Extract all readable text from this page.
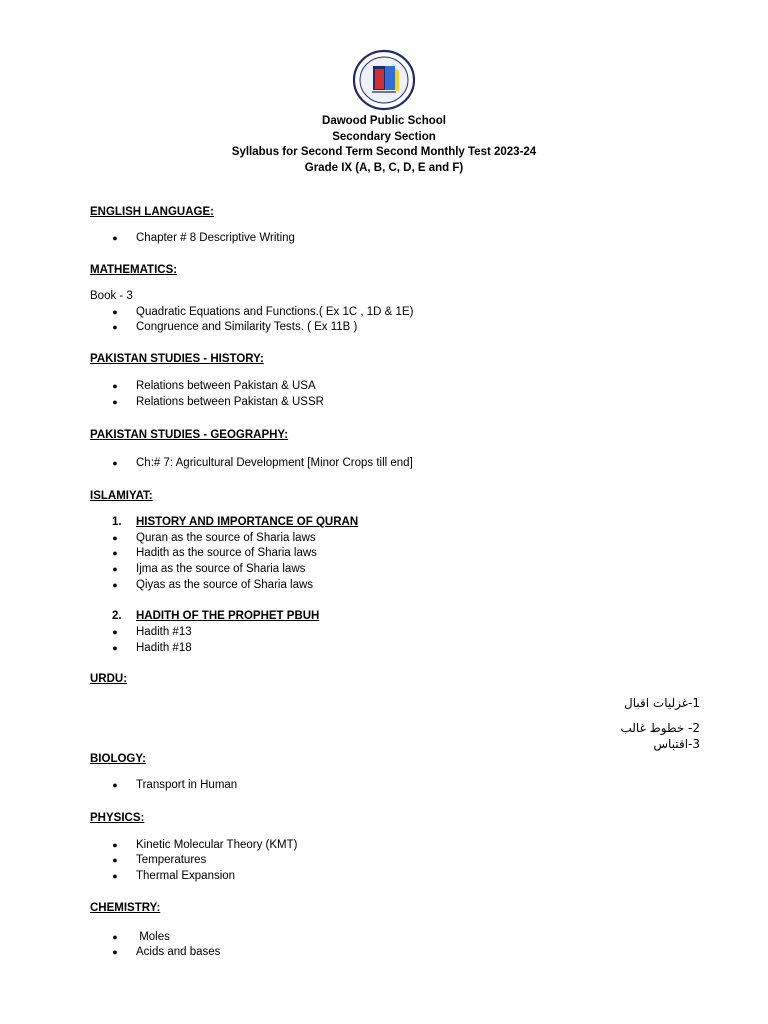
Dawood Public School
Secondary Section
Syllabus for Second Term Second Monthly Test 2023-24
Grade IX (A, B, C, D, E and F)
ENGLISH LANGUAGE:
● Chapter # 8 Descriptive Writing
MATHEMATICS:
Book - 3
● Quadratic Equations and Functions.( Ex 1C , 1D & 1E)
● Congruence and Similarity Tests. ( Ex 11B )
PAKISTAN STUDIES - HISTORY:
● Relations between Pakistan & USA
● Relations between Pakistan & USSR
PAKISTAN STUDIES - GEOGRAPHY:
● Ch:# 7: Agricultural Development [Minor Crops till end]
ISLAMIYAT:
1. HISTORY AND IMPORTANCE OF QURAN
● Quran as the source of Sharia laws
● Hadith as the source of Sharia laws
● Ijma as the source of Sharia laws
● Qiyas as the source of Sharia laws
2. HADITH OF THE PROPHET PBUH
● Hadith #13
● Hadith #18
URDU:
1-غزلیات اقبال
2- خطوط غالب
3-اقتباس
BIOLOGY:
● Transport in Human
PHYSICS:
● Kinetic Molecular Theory (KMT)
● Temperatures
● Thermal Expansion
CHEMISTRY:
● Moles
● Acids and bases
